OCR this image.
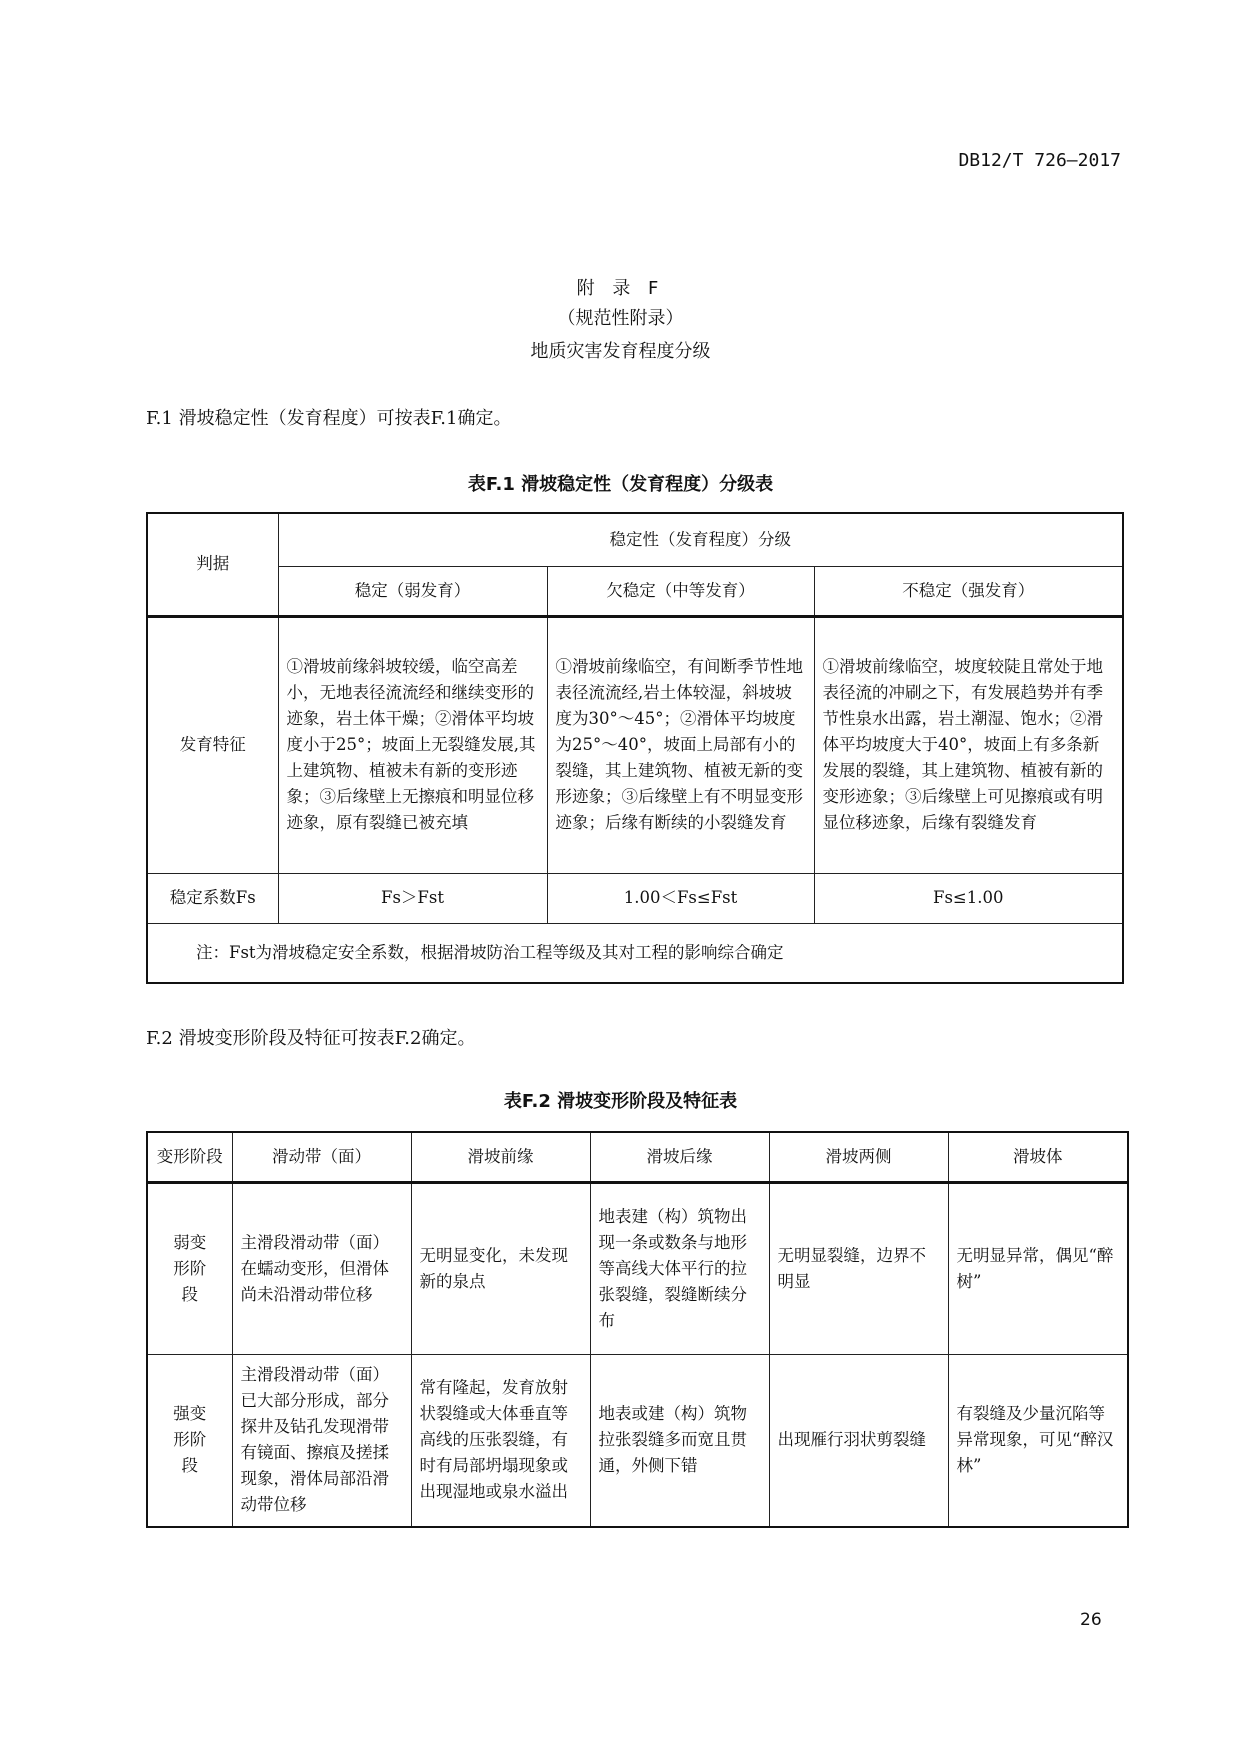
DB12/T 726—2017
附 录 F
（规范性附录）
地质灾害发育程度分级
F.1 滑坡稳定性（发育程度）可按表F.1确定。
表F.1 滑坡稳定性（发育程度）分级表
判据	稳定性（发育程度）分级		
	稳定（弱发育）	欠稳定（中等发育）	不稳定（强发育）
发育特征	①滑坡前缘斜坡较缓，临空高差小，无地表径流流经和继续变形的迹象，岩土体干燥；②滑体平均坡度小于25°；坡面上无裂缝发展,其上建筑物、植被未有新的变形迹象；③后缘壁上无擦痕和明显位移迹象，原有裂缝已被充填	①滑坡前缘临空，有间断季节性地表径流流经,岩土体较湿，斜坡坡度为30°～45°；②滑体平均坡度为25°～40°，坡面上局部有小的裂缝，其上建筑物、植被无新的变形迹象；③后缘壁上有不明显变形迹象；后缘有断续的小裂缝发育	①滑坡前缘临空，坡度较陡且常处于地表径流的冲刷之下，有发展趋势并有季节性泉水出露，岩土潮湿、饱水；②滑体平均坡度大于40°，坡面上有多条新发展的裂缝，其上建筑物、植被有新的变形迹象；③后缘壁上可见擦痕或有明显位移迹象，后缘有裂缝发育
稳定系数Fs	Fs＞Fst	1.00＜Fs≤Fst	Fs≤1.00
注：Fst为滑坡稳定安全系数，根据滑坡防治工程等级及其对工程的影响综合确定			
F.2 滑坡变形阶段及特征可按表F.2确定。
表F.2 滑坡变形阶段及特征表
变形阶段	滑动带（面）	滑坡前缘	滑坡后缘	滑坡两侧	滑坡体
弱变形阶段	主滑段滑动带（面）在蠕动变形，但滑体尚未沿滑动带位移	无明显变化，未发现新的泉点	地表建（构）筑物出现一条或数条与地形等高线大体平行的拉张裂缝，裂缝断续分布	无明显裂缝，边界不明显	无明显异常，偶见“醉树”
强变形阶段	主滑段滑动带（面）已大部分形成，部分探井及钻孔发现滑带有镜面、擦痕及搓揉现象，滑体局部沿滑动带位移	常有隆起，发育放射状裂缝或大体垂直等高线的压张裂缝，有时有局部坍塌现象或出现湿地或泉水溢出	地表或建（构）筑物拉张裂缝多而宽且贯通，外侧下错	出现雁行羽状剪裂缝	有裂缝及少量沉陷等异常现象，可见“醉汉林”
26
